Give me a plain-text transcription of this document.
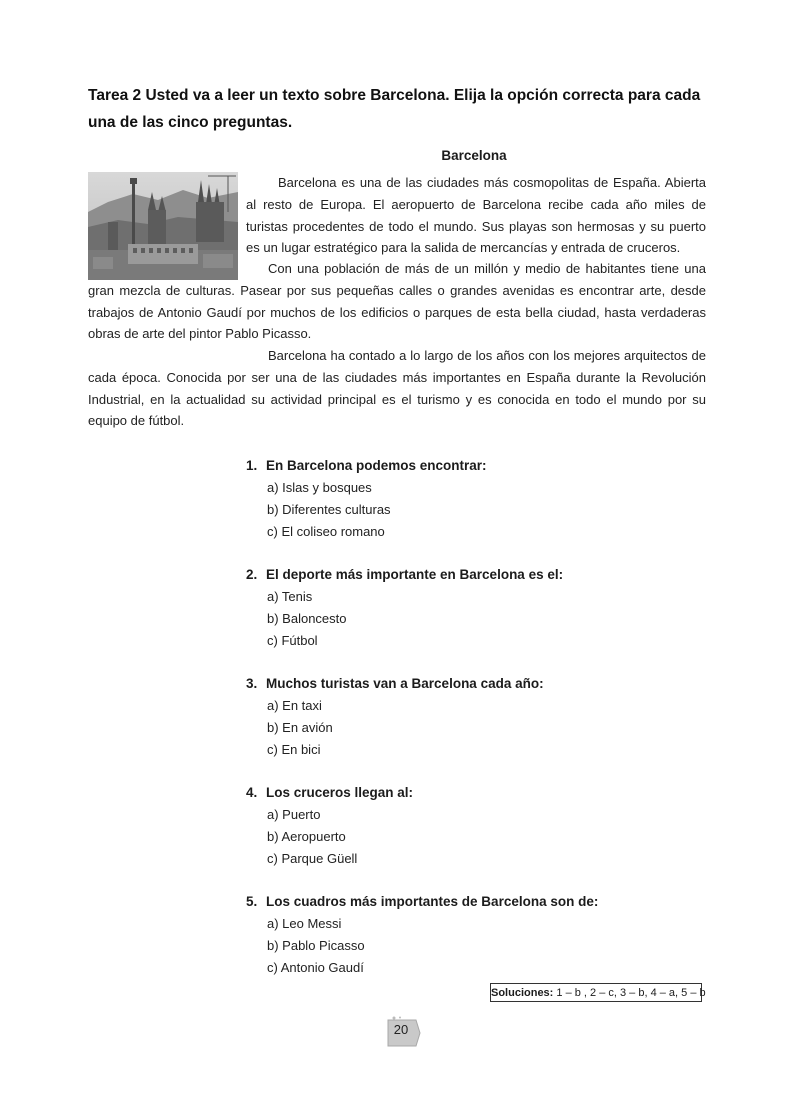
Tarea 2 Usted va a leer un texto sobre Barcelona. Elija la opción correcta para cada una de las cinco preguntas.
Barcelona

Barcelona es una de las ciudades más cosmopolitas de España. Abierta al resto de Europa. El aeropuerto de Barcelona recibe cada año miles de turistas procedentes de todo el mundo. Sus playas son hermosas y su puerto es un lugar estratégico para la salida de mercancías y entrada de cruceros.

Con una población de más de un millón y medio de habitantes tiene una gran mezcla de culturas. Pasear por sus pequeñas calles o grandes avenidas es encontrar arte, desde trabajos de Antonio Gaudí por muchos de los edificios o parques de esta bella ciudad, hasta verdaderas obras de arte del pintor Pablo Picasso.

Barcelona ha contado a lo largo de los años con los mejores arquitectos de cada época. Conocida por ser una de las ciudades más importantes en España durante la Revolución Industrial, en la actualidad su actividad principal es el turismo y es conocida en todo el mundo por su equipo de fútbol.

1. En Barcelona podemos encontrar:
a) Islas y bosques
b) Diferentes culturas
c) El coliseo romano
2. El deporte más importante en Barcelona es el:
a) Tenis
b) Baloncesto
c) Fútbol
3. Muchos turistas van a Barcelona cada año:
a) En taxi
b) En avión
c) En bici
4. Los cruceros llegan al:
a) Puerto
b) Aeropuerto
c) Parque Güell
5. Los cuadros más importantes de Barcelona son de:
a) Leo Messi
b) Pablo Picasso
c) Antonio Gaudí
Soluciones: 1 – b , 2 – c, 3 – b, 4 – a, 5 – b
20
